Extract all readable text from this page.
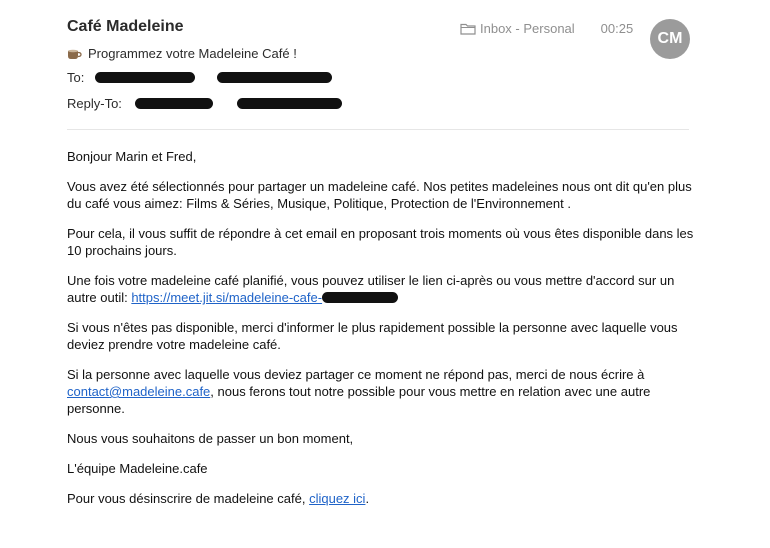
Café Madeleine	Inbox - Personal 00:25
CM
Programmez votre Madeleine Café !
To:
Reply-To:

Bonjour Marin et Fred,

Vous avez été sélectionnés pour partager un madeleine café. Nos petites madeleines nous ont dit qu'en plus du café vous aimez: Films & Séries, Musique, Politique, Protection de l'Environnement .

Pour cela, il vous suffit de répondre à cet email en proposant trois moments où vous êtes disponible dans les 10 prochains jours.

Une fois votre madeleine café planifié, vous pouvez utiliser le lien ci-après ou vous mettre d'accord sur un autre outil: https://meet.jit.si/madeleine-cafe-

Si vous n'êtes pas disponible, merci d'informer le plus rapidement possible la personne avec laquelle vous deviez prendre votre madeleine café.

Si la personne avec laquelle vous deviez partager ce moment ne répond pas, merci de nous écrire à contact@madeleine.cafe, nous ferons tout notre possible pour vous mettre en relation avec une autre personne.

Nous vous souhaitons de passer un bon moment,

L'équipe Madeleine.cafe

Pour vous désinscrire de madeleine café, cliquez ici.
